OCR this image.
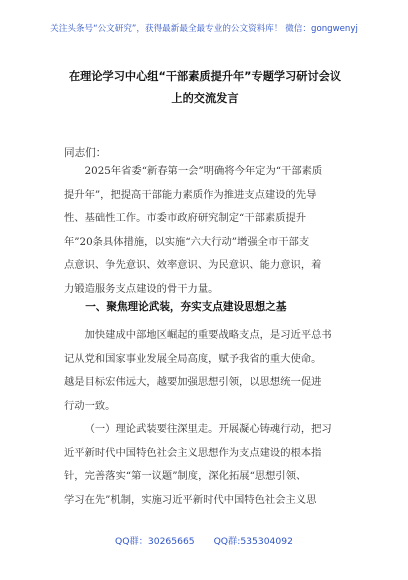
关注头条号“公文研究”，获得最新最全最专业的公文资料库！ 微信：gongwenyj
在理论学习中心组“干部素质提升年”专题学习研讨会议
上的交流发言
同志们：
2025年省委“新春第一会”明确将今年定为“干部素质
提升年”，把提高干部能力素质作为推进支点建设的先导
性、基础性工作。市委市政府研究制定“干部素质提升
年”20条具体措施，以实施“六大行动”增强全市干部支
点意识、争先意识、效率意识、为民意识、能力意识，着
力锻造服务支点建设的骨干力量。
一、聚焦理论武装，夯实支点建设思想之基
加快建成中部地区崛起的重要战略支点，是习近平总书
记从党和国家事业发展全局高度，赋予我省的重大使命。
越是目标宏伟远大，越要加强思想引领，以思想统一促进
行动一致。
（一）理论武装要往深里走。开展凝心铸魂行动，把习
近平新时代中国特色社会主义思想作为支点建设的根本指
针，完善落实“第一议题”制度，深化拓展“思想引领、
学习在先”机制，实施习近平新时代中国特色社会主义思
QQ群：30265665 QQ群:535304092
